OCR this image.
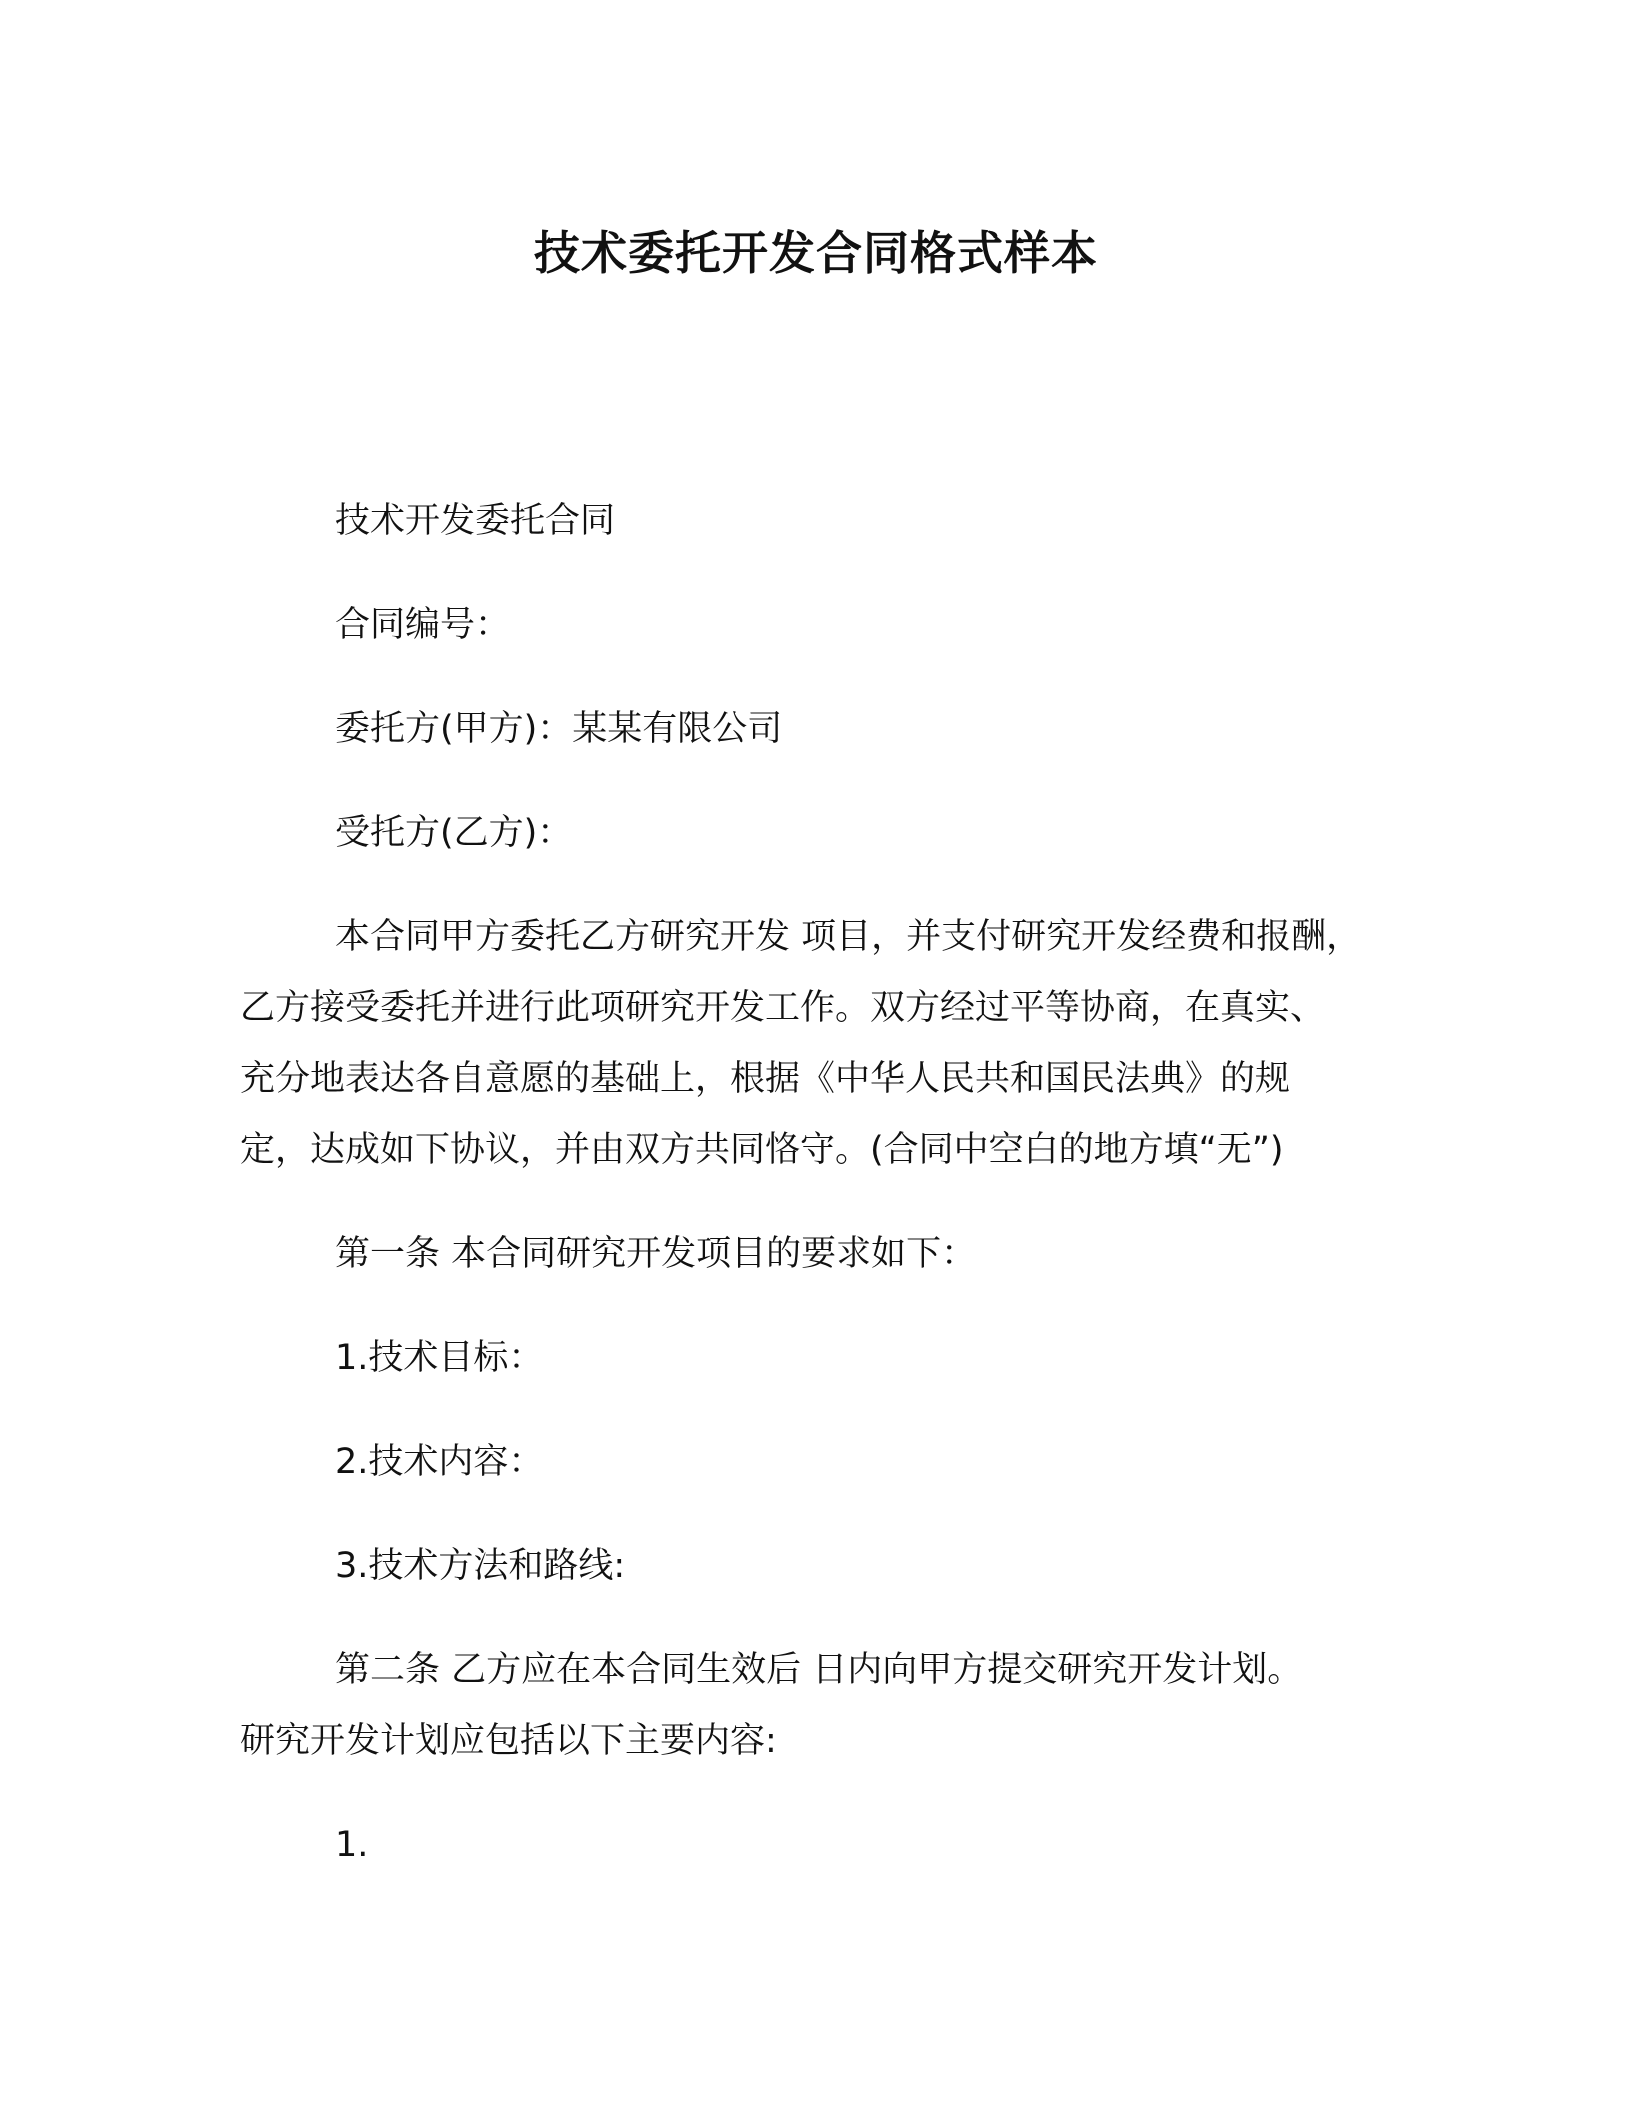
技术委托开发合同格式样本

技术开发委托合同

合同编号：

委托方(甲方)：某某有限公司

受托方(乙方)：

本合同甲方委托乙方研究开发 项目，并支付研究开发经费和报酬，

乙方接受委托并进行此项研究开发工作。双方经过平等协商，在真实、

充分地表达各自意愿的基础上，根据《中华人民共和国民法典》的规

定，达成如下协议，并由双方共同恪守。(合同中空白的地方填“无”)

第一条 本合同研究开发项目的要求如下：

1.技术目标：

2.技术内容：

3.技术方法和路线:

第二条 乙方应在本合同生效后 日内向甲方提交研究开发计划。

研究开发计划应包括以下主要内容:

1.
